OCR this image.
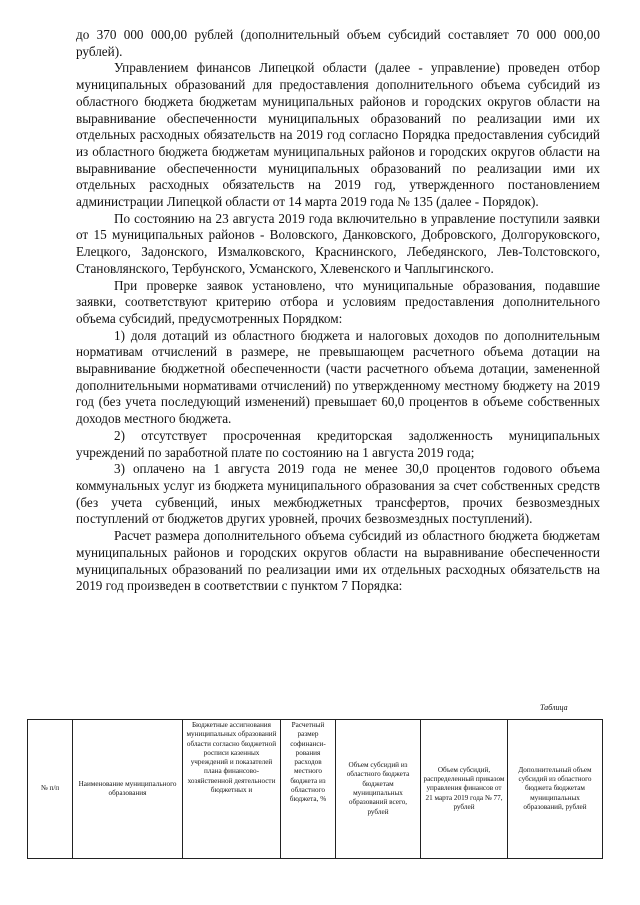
до 370 000 000,00 рублей (дополнительный объем субсидий составляет 70 000 000,00 рублей).

Управлением финансов Липецкой области (далее - управление) проведен отбор муниципальных образований для предоставления дополнительного объема субсидий из областного бюджета бюджетам муниципальных районов и городских округов области на выравнивание обеспеченности муниципальных образований по реализации ими их отдельных расходных обязательств на 2019 год согласно Порядка предоставления субсидий из областного бюджета бюджетам муниципальных районов и городских округов области на выравнивание обеспеченности муниципальных образований по реализации ими их отдельных расходных обязательств на 2019 год, утвержденного постановлением администрации Липецкой области от 14 марта 2019 года № 135 (далее - Порядок).

По состоянию на 23 августа 2019 года включительно в управление поступили заявки от 15 муниципальных районов - Воловского, Данковского, Добровского, Долгоруковского, Елецкого, Задонского, Измалковского, Краснинского, Лебедянского, Лев-Толстовского, Становлянского, Тербунского, Усманского, Хлевенского и Чаплыгинского.

При проверке заявок установлено, что муниципальные образования, подавшие заявки, соответствуют критерию отбора и условиям предоставления дополнительного объема субсидий, предусмотренных Порядком:

1) доля дотаций из областного бюджета и налоговых доходов по дополнительным нормативам отчислений в размере, не превышающем расчетного объема дотации на выравнивание бюджетной обеспеченности (части расчетного объема дотации, замененной дополнительными нормативами отчислений) по утвержденному местному бюджету на 2019 год (без учета последующий изменений) превышает 60,0 процентов в объеме собственных доходов местного бюджета.

2) отсутствует просроченная кредиторская задолженность муниципальных учреждений по заработной плате по состоянию на 1 августа 2019 года;

3) оплачено на 1 августа 2019 года не менее 30,0 процентов годового объема коммунальных услуг из бюджета муниципального образования за счет собственных средств (без учета субвенций, иных межбюджетных трансфертов, прочих безвозмездных поступлений от бюджетов других уровней, прочих безвозмездных поступлений).

Расчет размера дополнительного объема субсидий из областного бюджета бюджетам муниципальных районов и городских округов области на выравнивание обеспеченности муниципальных образований по реализации ими их отдельных расходных обязательств на 2019 год произведен в соответствии с пунктом 7 Порядка:

Таблица
№ п/п	Наименование муниципального образования	Бюджетные ассигнования муниципальных образований области согласно бюджетной росписи казенных учреждений и показателей плана финансово-хозяйственной деятельности бюджетных и	Расчетный размер софинанси-рования расходов местного бюджета из областного бюджета, %	Объем субсидий из областного бюджета бюджетам муниципальных образований всего, рублей	Объем субсидий, распределенный приказом управления финансов от 21 марта 2019 года № 77, рублей	Дополнительный объем субсидий из областного бюджета бюджетам муниципальных образований, рублей
